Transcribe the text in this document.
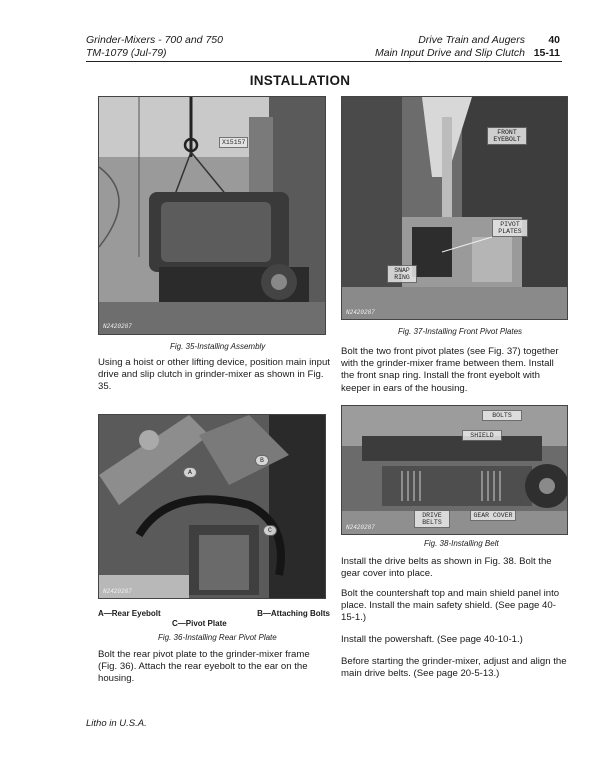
Grinder-Mixers - 700 and 750
TM-1079 (Jul-79)
Drive Train and Augers
Main Input Drive and Slip Clutch
40
15-11
INSTALLATION
X15157
N2420287
Fig. 35-Installing Assembly
Using a hoist or other lifting device, position main input drive and slip clutch in grinder-mixer as shown in Fig. 35.
FRONT EYEBOLT
PIVOT PLATES
SNAP RING
N2420287
Fig. 37-Installing Front Pivot Plates
Bolt the two front pivot plates (see Fig. 37) together with the grinder-mixer frame between them. Install the front snap ring. Install the front eyebolt with keeper in ears of the housing.
A
B
C
N2420287
A—Rear Eyebolt	B—Attaching Bolts
C—Pivot Plate
Fig. 36-Installing Rear Pivot Plate
Bolt the rear pivot plate to the grinder-mixer frame (Fig. 36). Attach the rear eyebolt to the ear on the housing.
BOLTS
SHIELD
DRIVE BELTS
GEAR COVER
N2420287
Fig. 38-Installing Belt
Install the drive belts as shown in Fig. 38. Bolt the gear cover into place.
Bolt the countershaft top and main shield panel into place. Install the main safety shield. (See page 40-15-1.)
Install the powershaft. (See page 40-10-1.)
Before starting the grinder-mixer, adjust and align the main drive belts. (See page 20-5-13.)
Litho in U.S.A.
